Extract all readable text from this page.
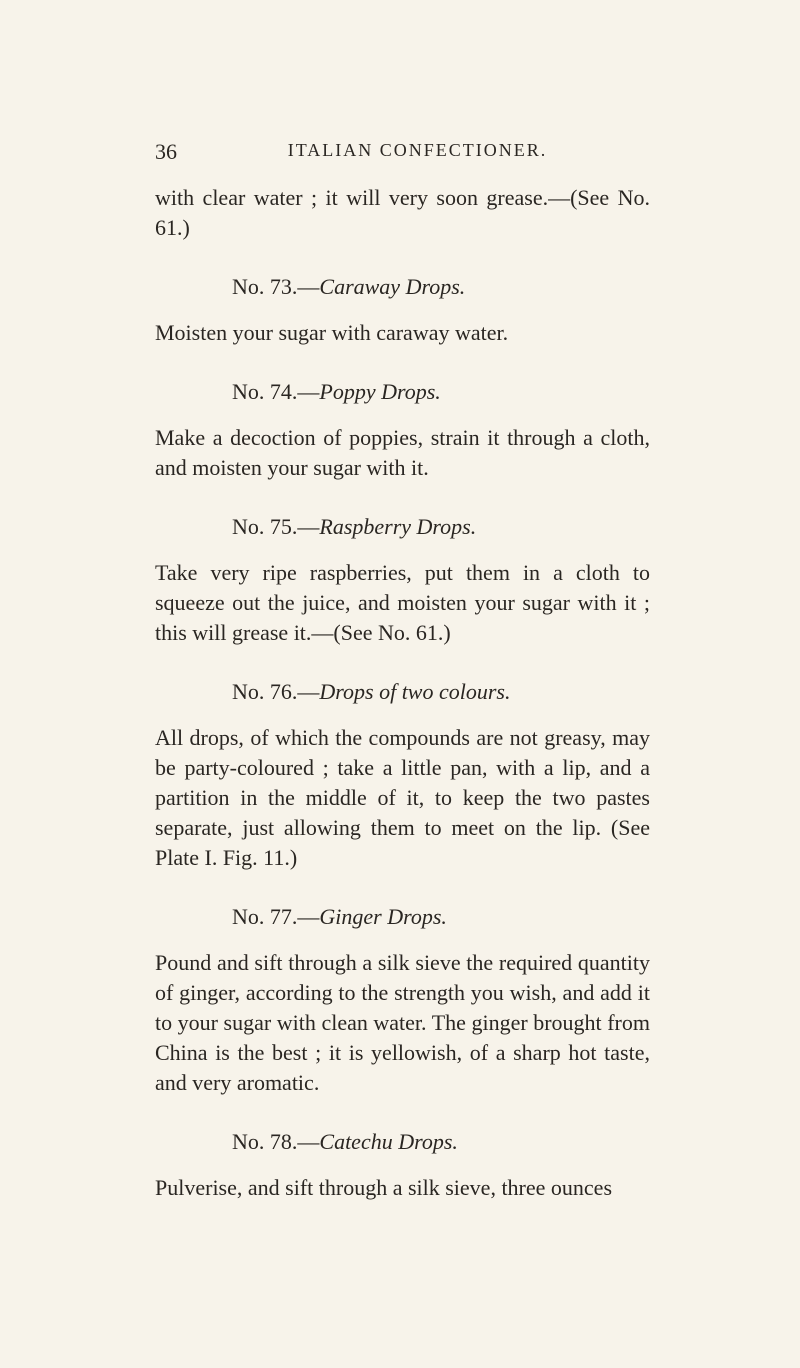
36	ITALIAN CONFECTIONER.

with clear water ; it will very soon grease.—(See No. 61.)

No. 73.—Caraway Drops.

Moisten your sugar with caraway water.

No. 74.—Poppy Drops.

Make a decoction of poppies, strain it through a cloth, and moisten your sugar with it.

No. 75.—Raspberry Drops.

Take very ripe raspberries, put them in a cloth to squeeze out the juice, and moisten your sugar with it ; this will grease it.—(See No. 61.)

No. 76.—Drops of two colours.

All drops, of which the compounds are not greasy, may be party-coloured ; take a little pan, with a lip, and a partition in the middle of it, to keep the two pastes separate, just allowing them to meet on the lip. (See Plate I. Fig. 11.)

No. 77.—Ginger Drops.

Pound and sift through a silk sieve the required quantity of ginger, according to the strength you wish, and add it to your sugar with clean water. The ginger brought from China is the best ; it is yellowish, of a sharp hot taste, and very aromatic.

No. 78.—Catechu Drops.

Pulverise, and sift through a silk sieve, three ounces
